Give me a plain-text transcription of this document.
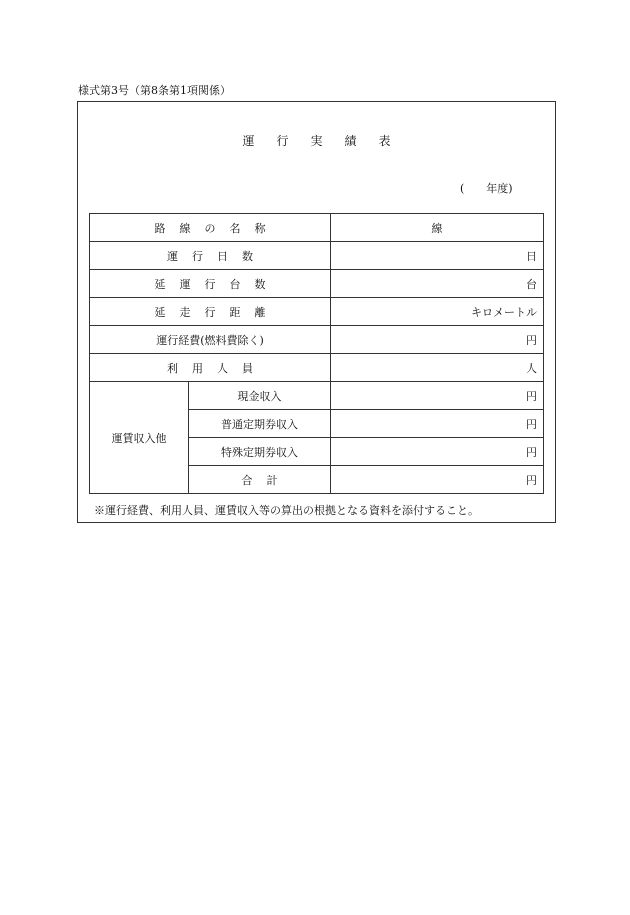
様式第3号（第8条第1項関係）
運行実績表
( 年度)
路線の名称		線
運行日数		日
延運行台数		台
延走行距離		キロメートル
運行経費(燃料費除く)		円
利用人員		人
運賃収入他	現金収入	円
	普通定期券収入	円
	特殊定期券収入	円
	合計	円
※運行経費、利用人員、運賃収入等の算出の根拠となる資料を添付すること。
